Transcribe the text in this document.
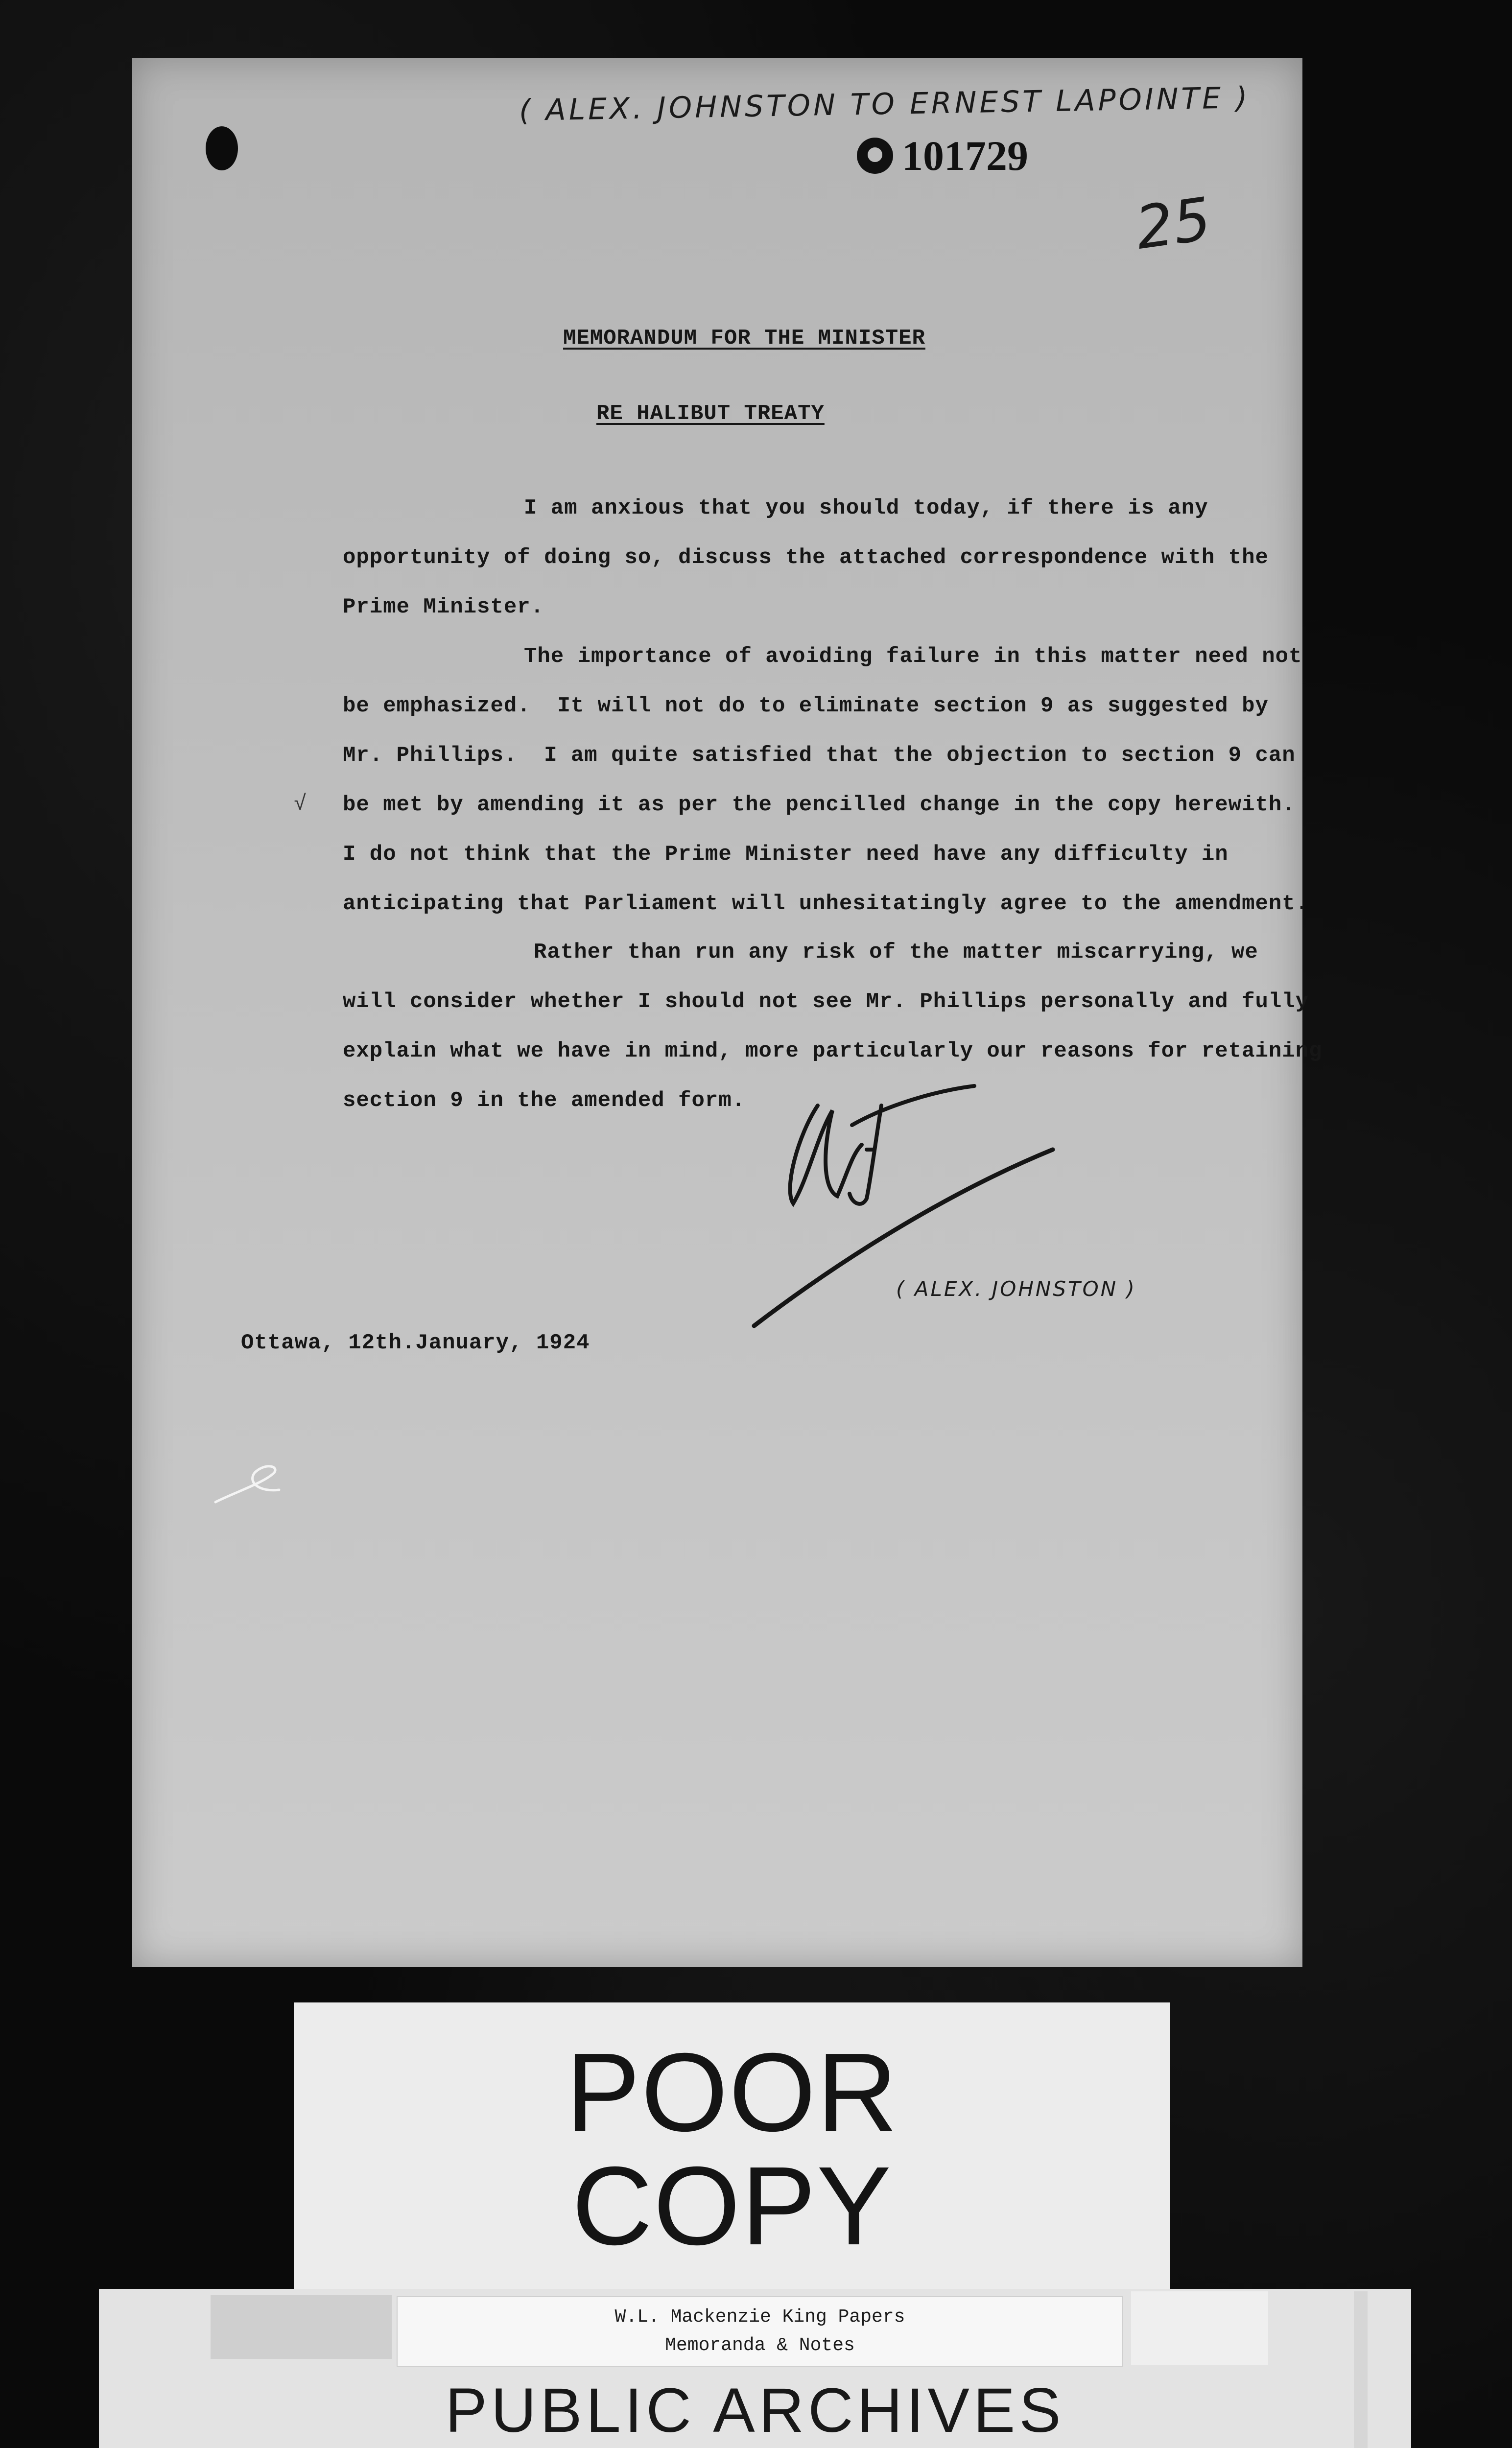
( ALEX. JOHNSTON TO ERNEST LAPOINTE )
101729
25
MEMORANDUM FOR THE MINISTER
RE HALIBUT TREATY
I am anxious that you should today, if there is any
opportunity of doing so, discuss the attached correspondence with the
Prime Minister.
The importance of avoiding failure in this matter need not
be emphasized.  It will not do to eliminate section 9 as suggested by
Mr. Phillips.  I am quite satisfied that the objection to section 9 can
be met by amending it as per the pencilled change in the copy herewith.
I do not think that the Prime Minister need have any difficulty in
anticipating that Parliament will unhesitatingly agree to the amendment.
√
Rather than run any risk of the matter miscarrying, we
will consider whether I should not see Mr. Phillips personally and fully
explain what we have in mind, more particularly our reasons for retaining
section 9 in the amended form.
( ALEX. JOHNSTON )
Ottawa, 12th.January, 1924
POOR
COPY
W.L. Mackenzie King Papers
Memoranda & Notes
PUBLIC ARCHIVES
